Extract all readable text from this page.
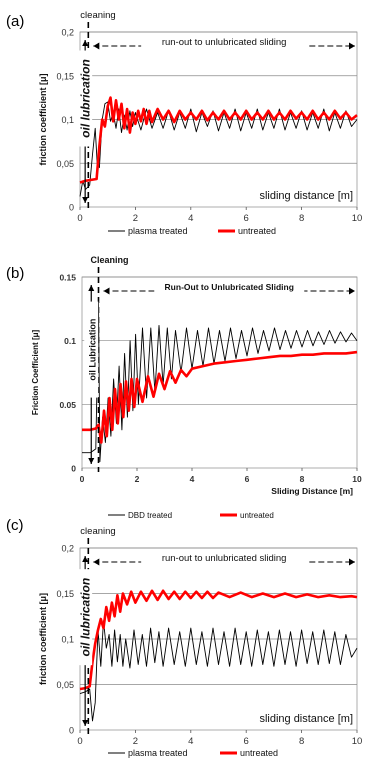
(a)
0
0,05
0,1
0,15
0,2
0	2	4	6	8	10
friction coefficient [μ]
sliding distance [m]
cleaning
run-out to unlubricated sliding
oil lubrication
plasma treated	untreated
(b)
0
0.05
0.1
0.15
0	2	4	6	8	10
Friction Coefficient [μ]
Sliding Distance [m]
Cleaning
Run-Out to Unlubricated Sliding
oil Lubrication
DBD treated	untreated
(c)
0
0,05
0,1
0,15
0,2
0	2	4	6	8	10
friction coefficient [μ]
sliding distance [m]
cleaning
run-out to unlubricated sliding
oil lubrication
plasma treated	untreated
